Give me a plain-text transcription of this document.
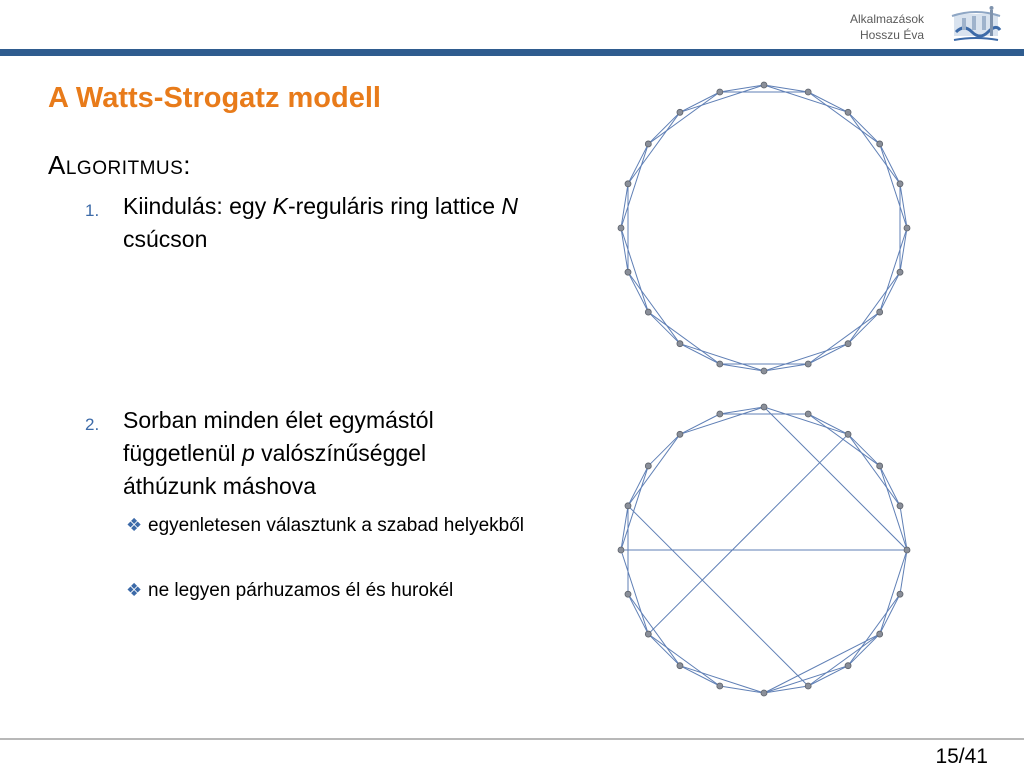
Alkalmazások
Hosszu Éva
A Watts-Strogatz modell
ALGORITMUS:
1. Kiindulás: egy K-reguláris ring lattice N csúcson
2. Sorban minden élet egymástól függetlenül p valószínűséggel áthúzunk máshova
❖ egyenletesen választunk a szabad helyekből
❖ ne legyen párhuzamos él és hurokél
15/41
